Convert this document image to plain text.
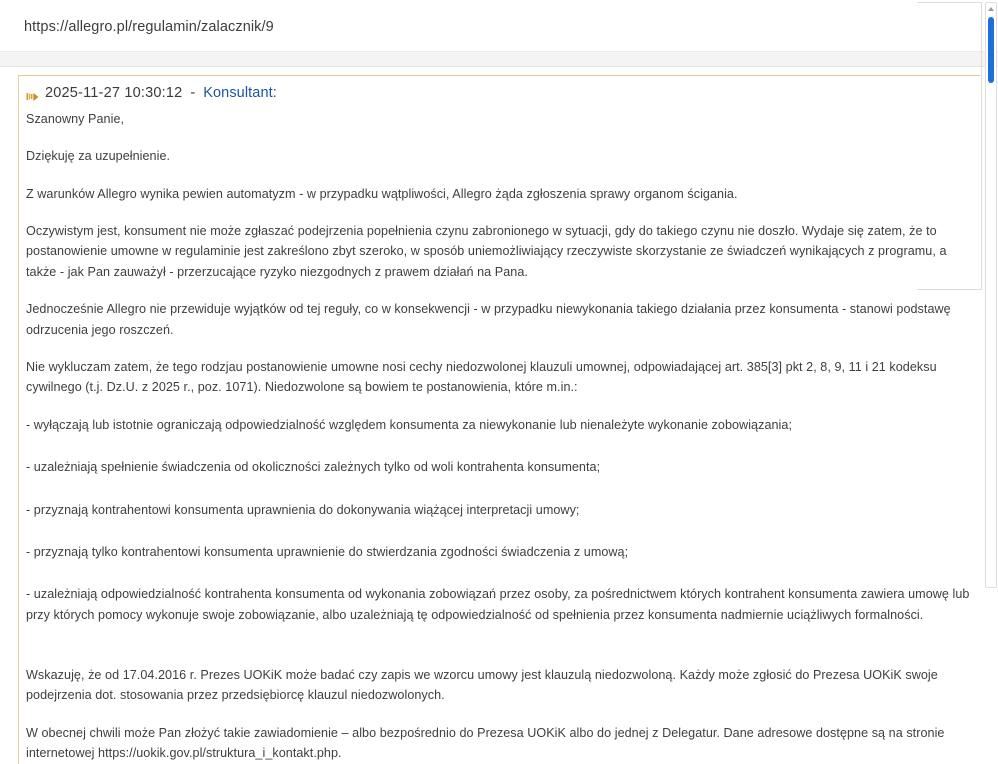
https://allegro.pl/regulamin/zalacznik/9
2025-11-27 10:30:12 - Konsultant:

Szanowny Panie,

Dziękuję za uzupełnienie.

Z warunków Allegro wynika pewien automatyzm - w przypadku wątpliwości, Allegro żąda zgłoszenia sprawy organom ścigania.

Oczywistym jest, konsument nie może zgłaszać podejrzenia popełnienia czynu zabronionego w sytuacji, gdy do takiego czynu nie doszło. Wydaje się zatem, że to postanowienie umowne w regulaminie jest zakreślono zbyt szeroko, w sposób uniemożliwiający rzeczywiste skorzystanie ze świadczeń wynikających z programu, a także - jak Pan zauważył - przerzucające ryzyko niezgodnych z prawem działań na Pana.

Jednocześnie Allegro nie przewiduje wyjątków od tej reguły, co w konsekwencji - w przypadku niewykonania takiego działania przez konsumenta - stanowi podstawę odrzucenia jego roszczeń.

Nie wykluczam zatem, że tego rodzjau postanowienie umowne nosi cechy niedozwolonej klauzuli umownej, odpowiadającej art. 385[3] pkt 2, 8, 9, 11 i 21 kodeksu cywilnego (t.j. Dz.U. z 2025 r., poz. 1071). Niedozwolone są bowiem te postanowienia, które m.in.:

- wyłączają lub istotnie ograniczają odpowiedzialność względem konsumenta za niewykonanie lub nienależyte wykonanie zobowiązania;

- uzależniają spełnienie świadczenia od okoliczności zależnych tylko od woli kontrahenta konsumenta;

- przyznają kontrahentowi konsumenta uprawnienia do dokonywania wiążącej interpretacji umowy;

- przyznają tylko kontrahentowi konsumenta uprawnienie do stwierdzania zgodności świadczenia z umową;

- uzależniają odpowiedzialność kontrahenta konsumenta od wykonania zobowiązań przez osoby, za pośrednictwem których kontrahent konsumenta zawiera umowę lub przy których pomocy wykonuje swoje zobowiązanie, albo uzależniają tę odpowiedzialność od spełnienia przez konsumenta nadmiernie uciążliwych formalności.

Wskazuję, że od 17.04.2016 r. Prezes UOKiK może badać czy zapis we wzorcu umowy jest klauzulą niedozwoloną. Każdy może zgłosić do Prezesa UOKiK swoje podejrzenia dot. stosowania przez przedsiębiorcę klauzul niedozwolonych.

W obecnej chwili może Pan złożyć takie zawiadomienie – albo bezpośrednio do Prezesa UOKiK albo do jednej z Delegatur. Dane adresowe dostępne są na stronie internetowej https://uokik.gov.pl/struktura_i_kontakt.php.
